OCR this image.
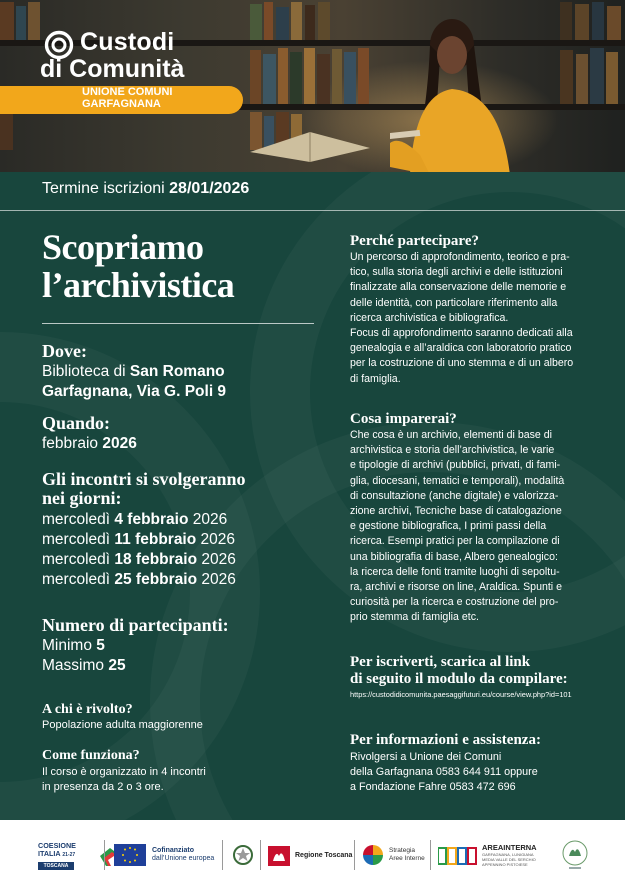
Custodi
di Comunità
UNIONE COMUNI
GARFAGNANA
Termine iscrizioni 28/01/2026
Scopriamo
l’archivistica
Dove:
Biblioteca di San Romano
Garfagnana, Via G. Poli 9
Quando:
febbraio 2026
Gli incontri si svolgeranno
nei giorni:
mercoledì 4 febbraio 2026
mercoledì 11 febbraio 2026
mercoledì 18 febbraio 2026
mercoledì 25 febbraio 2026
Numero di partecipanti:
Minimo 5
Massimo 25
A chi è rivolto?
Popolazione adulta maggiorenne
Come funziona?
Il corso è organizzato in 4 incontri
in presenza da 2 o 3 ore.
Perché partecipare?
Un percorso di approfondimento, teorico e pra-
tico, sulla storia degli archivi e delle istituzioni
finalizzate alla conservazione delle memorie e
delle identità, con particolare riferimento alla
ricerca archivistica e bibliografica.
Focus di approfondimento saranno dedicati alla
genealogia e all’araldica con laboratorio pratico
per la costruzione di uno stemma e di un albero
di famiglia.
Cosa imparerai?
Che cosa è un archivio, elementi di base di
archivistica e storia dell’archivistica, le varie
e tipologie di archivi (pubblici, privati, di fami-
glia, diocesani, tematici e temporali), modalità
di consultazione (anche digitale) e valorizza-
zione archivi, Tecniche base di catalogazione
e gestione bibliografica, I primi passi della
ricerca. Esempi pratici per la compilazione di
una bibliografia di base, Albero genealogico:
la ricerca delle fonti tramite luoghi di sepoltu-
ra, archivi e risorse on line, Araldica. Spunti e
curiosità per la ricerca e costruzione del pro-
prio stemma di famiglia etc.
Per iscriverti, scarica al link
di seguito il modulo da compilare:
https://custodidicomunita.paesaggifuturi.eu/course/view.php?id=101
Per informazioni e assistenza:
Rivolgersi a Unione dei Comuni
della Garfagnana 0583 644 911 oppure
a Fondazione Fahre 0583 472 696
COESIONE
ITALIA 21-27
TOSCANA
Cofinanziato
dall’Unione europea	Regione Toscana
Strategia
Aree Interne
AREAINTERNA
GARFAGNANA, LUNIGIANA
MEDIA VALLE DEL SERCHIO
APPENNINO PISTOIESE
